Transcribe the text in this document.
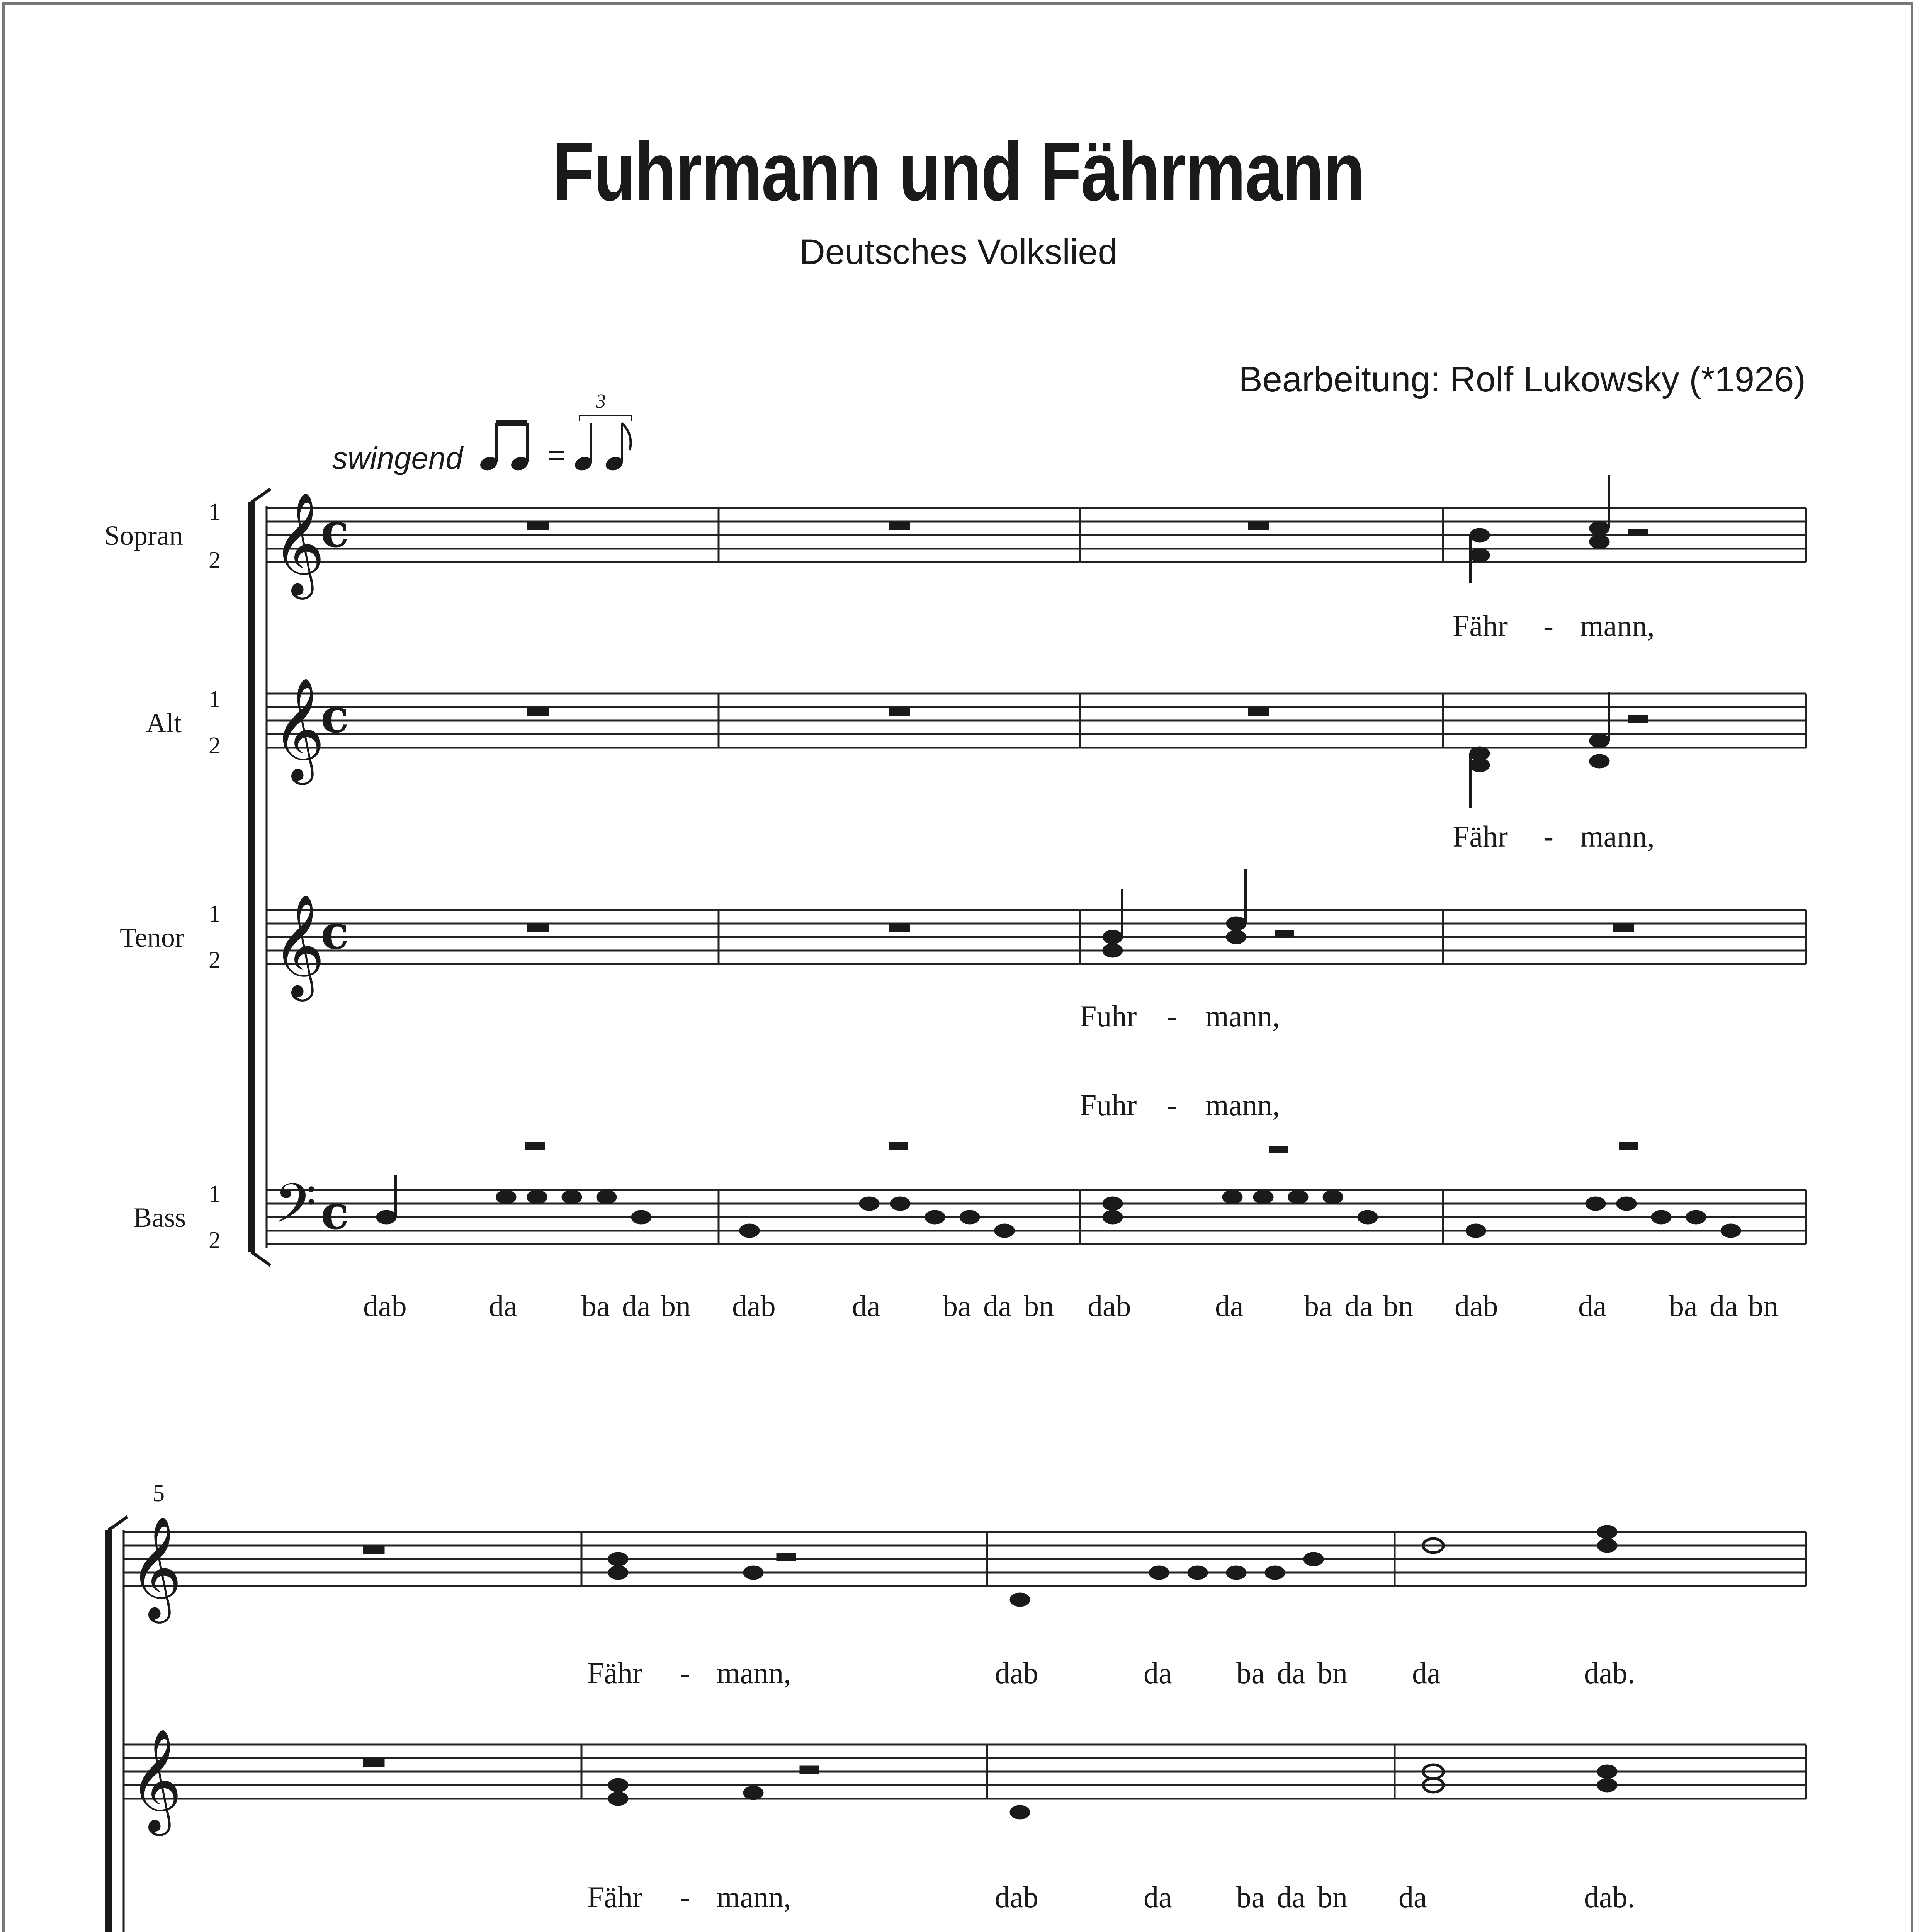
Fuhrmann und Fährmann
Deutsches Volkslied
Bearbeitung: Rolf Lukowsky (*1926)
swingend
Sopran
1
2
Alt
1
2
Tenor
1
2
Bass
1
2
5
3
𝄞
𝄞
𝄞
𝄢
𝄞
𝄞
c
c
c
c
Fähr - mann,
Fähr - mann,
Fuhr - mann,
Fuhr - mann,
dab	da ba da bn dab	da ba da bn dab	da ba da bn dab	da ba da bn
Fähr - mann,	dab	da ba da bn da	dab.
Fähr - mann,	dab	da ba da bn da	dab.
